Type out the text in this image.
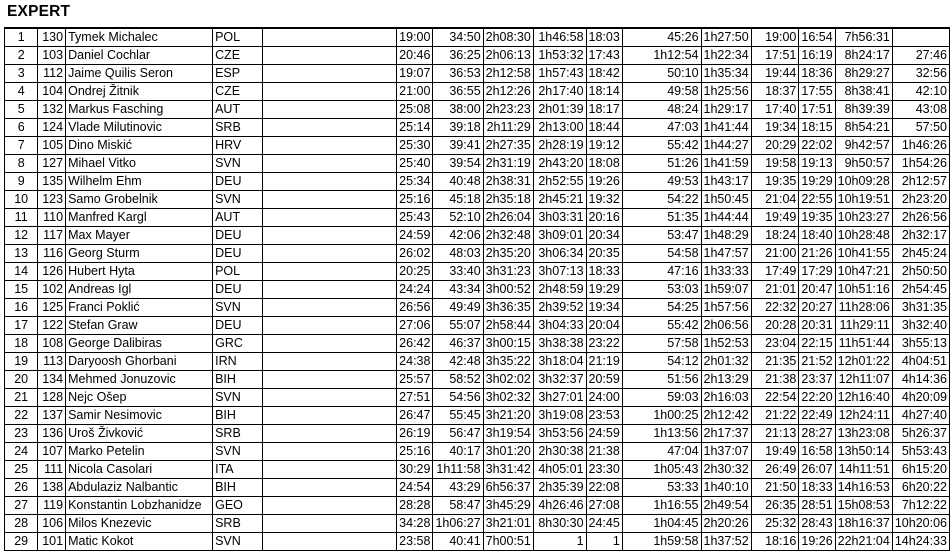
EXPERT
1	130	Tymek Michalec	POL		19:00	34:50	2h08:30	1h46:58	18:03	45:26	1h27:50	19:00	16:54	7h56:31	
2	103	Daniel Cochlar	CZE		20:46	36:25	2h06:13	1h53:32	17:43	1h12:54	1h22:34	17:51	16:19	8h24:17	27:46
3	112	Jaime Quilis Seron	ESP		19:07	36:53	2h12:58	1h57:43	18:42	50:10	1h35:34	19:44	18:36	8h29:27	32:56
4	104	Ondrej Žitnik	CZE		21:00	36:55	2h12:26	2h17:40	18:14	49:58	1h25:56	18:37	17:55	8h38:41	42:10
5	132	Markus Fasching	AUT		25:08	38:00	2h23:23	2h01:39	18:17	48:24	1h29:17	17:40	17:51	8h39:39	43:08
6	124	Vlade Milutinovic	SRB		25:14	39:18	2h11:29	2h13:00	18:44	47:03	1h41:44	19:34	18:15	8h54:21	57:50
7	105	Dino Miskić	HRV		25:30	39:41	2h27:35	2h28:19	19:12	55:42	1h44:27	20:29	22:02	9h42:57	1h46:26
8	127	Mihael Vitko	SVN		25:40	39:54	2h31:19	2h43:20	18:08	51:26	1h41:59	19:58	19:13	9h50:57	1h54:26
9	135	Wilhelm Ehm	DEU		25:34	40:48	2h38:31	2h52:55	19:26	49:53	1h43:17	19:35	19:29	10h09:28	2h12:57
10	123	Samo Grobelnik	SVN		25:16	45:18	2h35:18	2h45:21	19:32	54:22	1h50:45	21:04	22:55	10h19:51	2h23:20
11	110	Manfred Kargl	AUT		25:43	52:10	2h26:04	3h03:31	20:16	51:35	1h44:44	19:49	19:35	10h23:27	2h26:56
12	117	Max Mayer	DEU		24:59	42:06	2h32:48	3h09:01	20:34	53:47	1h48:29	18:24	18:40	10h28:48	2h32:17
13	116	Georg Sturm	DEU		26:02	48:03	2h35:20	3h06:34	20:35	54:58	1h47:57	21:00	21:26	10h41:55	2h45:24
14	126	Hubert Hyta	POL		20:25	33:40	3h31:23	3h07:13	18:33	47:16	1h33:33	17:49	17:29	10h47:21	2h50:50
15	102	Andreas Igl	DEU		24:24	43:34	3h00:52	2h48:59	19:29	53:03	1h59:07	21:01	20:47	10h51:16	2h54:45
16	125	Franci Poklić	SVN		26:56	49:49	3h36:35	2h39:52	19:34	54:25	1h57:56	22:32	20:27	11h28:06	3h31:35
17	122	Stefan Graw	DEU		27:06	55:07	2h58:44	3h04:33	20:04	55:42	2h06:56	20:28	20:31	11h29:11	3h32:40
18	108	George Dalibiras	GRC		26:42	46:37	3h00:15	3h38:38	23:22	57:58	1h52:53	23:04	22:15	11h51:44	3h55:13
19	113	Daryoosh Ghorbani	IRN		24:38	42:48	3h35:22	3h18:04	21:19	54:12	2h01:32	21:35	21:52	12h01:22	4h04:51
20	134	Mehmed Jonuzovic	BIH		25:57	58:52	3h02:02	3h32:37	20:59	51:56	2h13:29	21:38	23:37	12h11:07	4h14:36
21	128	Nejc Ošep	SVN		27:51	54:56	3h02:32	3h27:01	24:00	59:03	2h16:03	22:54	22:20	12h16:40	4h20:09
22	137	Samir Nesimovic	BIH		26:47	55:45	3h21:20	3h19:08	23:53	1h00:25	2h12:42	21:22	22:49	12h24:11	4h27:40
23	136	Uroš Živković	SRB		26:19	56:47	3h19:54	3h53:56	24:59	1h13:56	2h17:37	21:13	28:27	13h23:08	5h26:37
24	107	Marko Petelin	SVN		25:16	40:17	3h01:20	2h30:38	21:38	47:04	1h37:07	19:49	16:58	13h50:14	5h53:43
25	111	Nicola Casolari	ITA		30:29	1h11:58	3h31:42	4h05:01	23:30	1h05:43	2h30:32	26:49	26:07	14h11:51	6h15:20
26	138	Abdulaziz Nalbantic	BIH		24:54	43:29	6h56:37	2h35:39	22:08	53:33	1h40:10	21:50	18:33	14h16:53	6h20:22
27	119	Konstantin Lobzhanidze	GEO		28:28	58:47	3h45:29	4h26:46	27:08	1h16:55	2h49:54	26:35	28:51	15h08:53	7h12:22
28	106	Milos Knezevic	SRB		34:28	1h06:27	3h21:01	8h30:30	24:45	1h04:45	2h20:26	25:32	28:43	18h16:37	10h20:06
29	101	Matic Kokot	SVN		23:58	40:41	7h00:51	1	1	1h59:58	1h37:52	18:16	19:26	22h21:04	14h24:33
